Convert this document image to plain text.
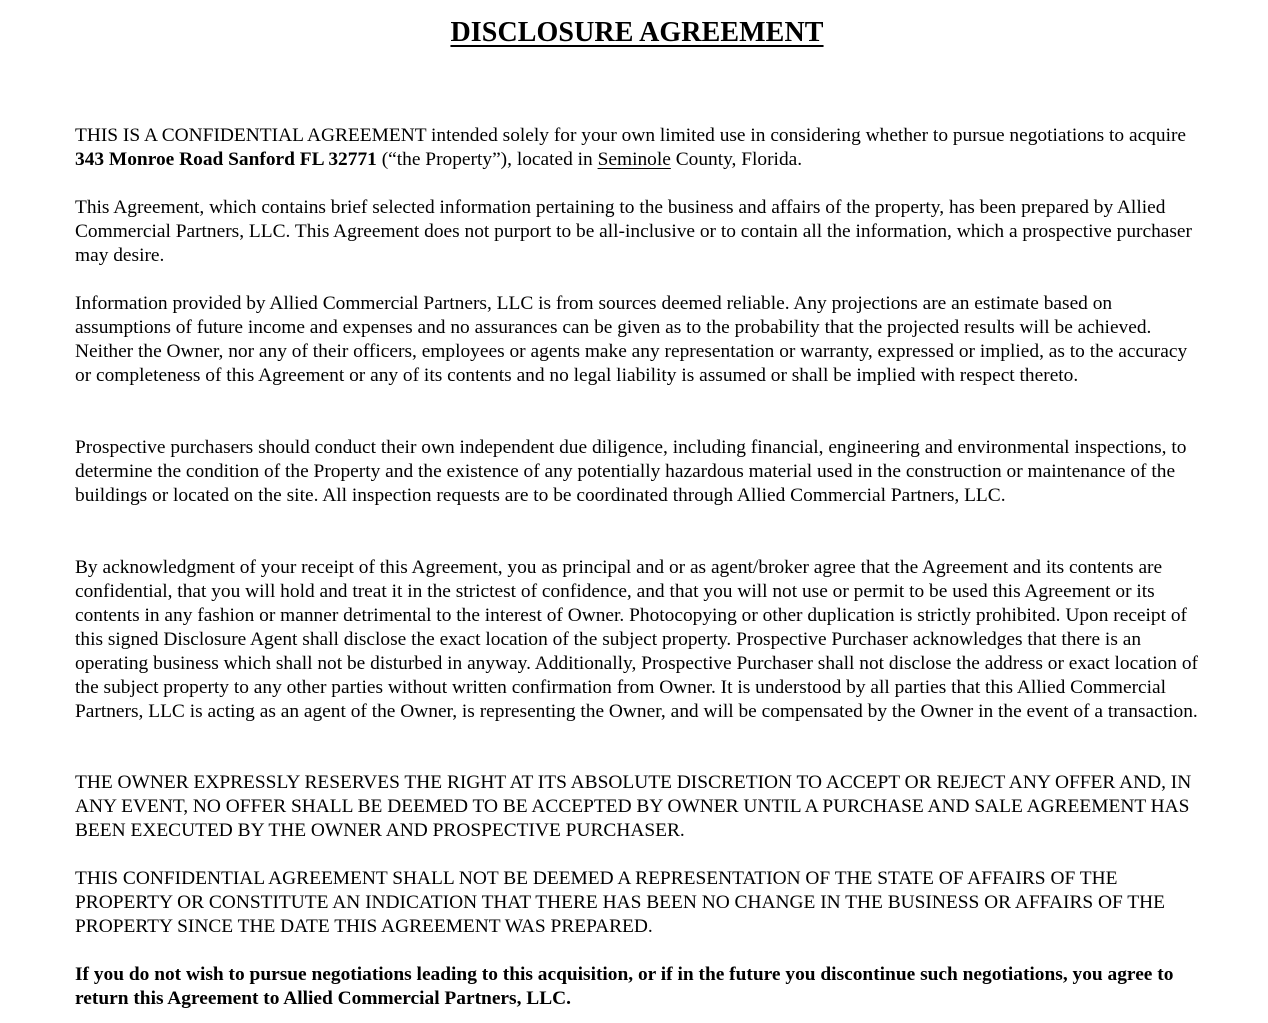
DISCLOSURE AGREEMENT

THIS IS A CONFIDENTIAL AGREEMENT intended solely for your own limited use in considering whether to pursue negotiations to acquire 343 Monroe Road Sanford FL 32771 (“the Property”), located in Seminole County, Florida.

This Agreement, which contains brief selected information pertaining to the business and affairs of the property, has been prepared by Allied Commercial Partners, LLC. This Agreement does not purport to be all-inclusive or to contain all the information, which a prospective purchaser may desire.

Information provided by Allied Commercial Partners, LLC is from sources deemed reliable. Any projections are an estimate based on assumptions of future income and expenses and no assurances can be given as to the probability that the projected results will be achieved. Neither the Owner, nor any of their officers, employees or agents make any representation or warranty, expressed or implied, as to the accuracy or completeness of this Agreement or any of its contents and no legal liability is assumed or shall be implied with respect thereto.

Prospective purchasers should conduct their own independent due diligence, including financial, engineering and environmental inspections, to determine the condition of the Property and the existence of any potentially hazardous material used in the construction or maintenance of the buildings or located on the site. All inspection requests are to be coordinated through Allied Commercial Partners, LLC.

By acknowledgment of your receipt of this Agreement, you as principal and or as agent/broker agree that the Agreement and its contents are confidential, that you will hold and treat it in the strictest of confidence, and that you will not use or permit to be used this Agreement or its contents in any fashion or manner detrimental to the interest of Owner. Photocopying or other duplication is strictly prohibited. Upon receipt of this signed Disclosure Agent shall disclose the exact location of the subject property. Prospective Purchaser acknowledges that there is an operating business which shall not be disturbed in anyway. Additionally, Prospective Purchaser shall not disclose the address or exact location of the subject property to any other parties without written confirmation from Owner. It is understood by all parties that this Allied Commercial Partners, LLC is acting as an agent of the Owner, is representing the Owner, and will be compensated by the Owner in the event of a transaction.

THE OWNER EXPRESSLY RESERVES THE RIGHT AT ITS ABSOLUTE DISCRETION TO ACCEPT OR REJECT ANY OFFER AND, IN ANY EVENT, NO OFFER SHALL BE DEEMED TO BE ACCEPTED BY OWNER UNTIL A PURCHASE AND SALE AGREEMENT HAS BEEN EXECUTED BY THE OWNER AND PROSPECTIVE PURCHASER.

THIS CONFIDENTIAL AGREEMENT SHALL NOT BE DEEMED A REPRESENTATION OF THE STATE OF AFFAIRS OF THE PROPERTY OR CONSTITUTE AN INDICATION THAT THERE HAS BEEN NO CHANGE IN THE BUSINESS OR AFFAIRS OF THE PROPERTY SINCE THE DATE THIS AGREEMENT WAS PREPARED.

If you do not wish to pursue negotiations leading to this acquisition, or if in the future you discontinue such negotiations, you agree to return this Agreement to Allied Commercial Partners, LLC.
